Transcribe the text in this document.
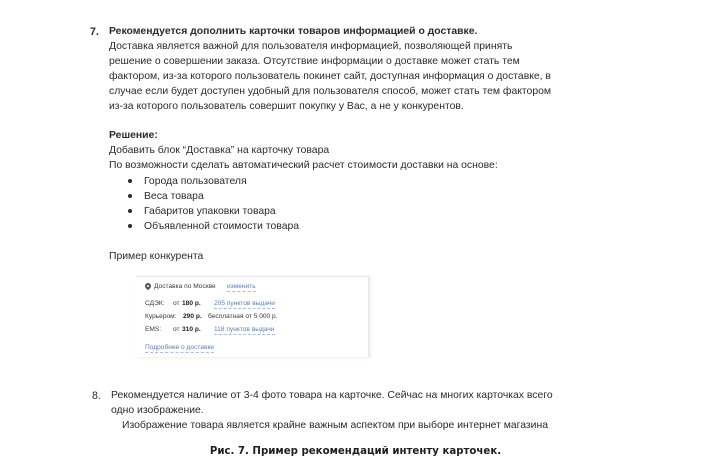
7. Рекомендуется дополнить карточки товаров информацией о доставке.
Доставка является важной для пользователя информацией, позволяющей принять
решение о совершении заказа. Отсутствие информации о доставке может стать тем
фактором, из-за которого пользователь покинет сайт, доступная информация о доставке, в
случае если будет доступен удобный для пользователя способ, может стать тем фактором
из-за которого пользователь совершит покупку у Вас, а не у конкурентов.
Решение:
Добавить блок “Доставка” на карточку товара
По возможности сделать автоматический расчет стоимости доставки на основе:
Города пользователя
Веса товара
Габаритов упаковки товара
Объявленной стоимости товара
Пример конкурента
Доставка по Москве изменить
СДЭК: от 180 р. 205 пунктов выдачи
Курьером: 290 р. бесплатная от 5 000 р.
EMS: от 310 р. 118 пунктов выдачи
Подробнее о доставке
8. Рекомендуется наличие от 3-4 фото товара на карточке. Сейчас на многих карточках всего
одно изображение.
Изображение товара является крайне важным аспектом при выборе интернет магазина
Рис. 7. Пример рекомендаций интенту карточек.
